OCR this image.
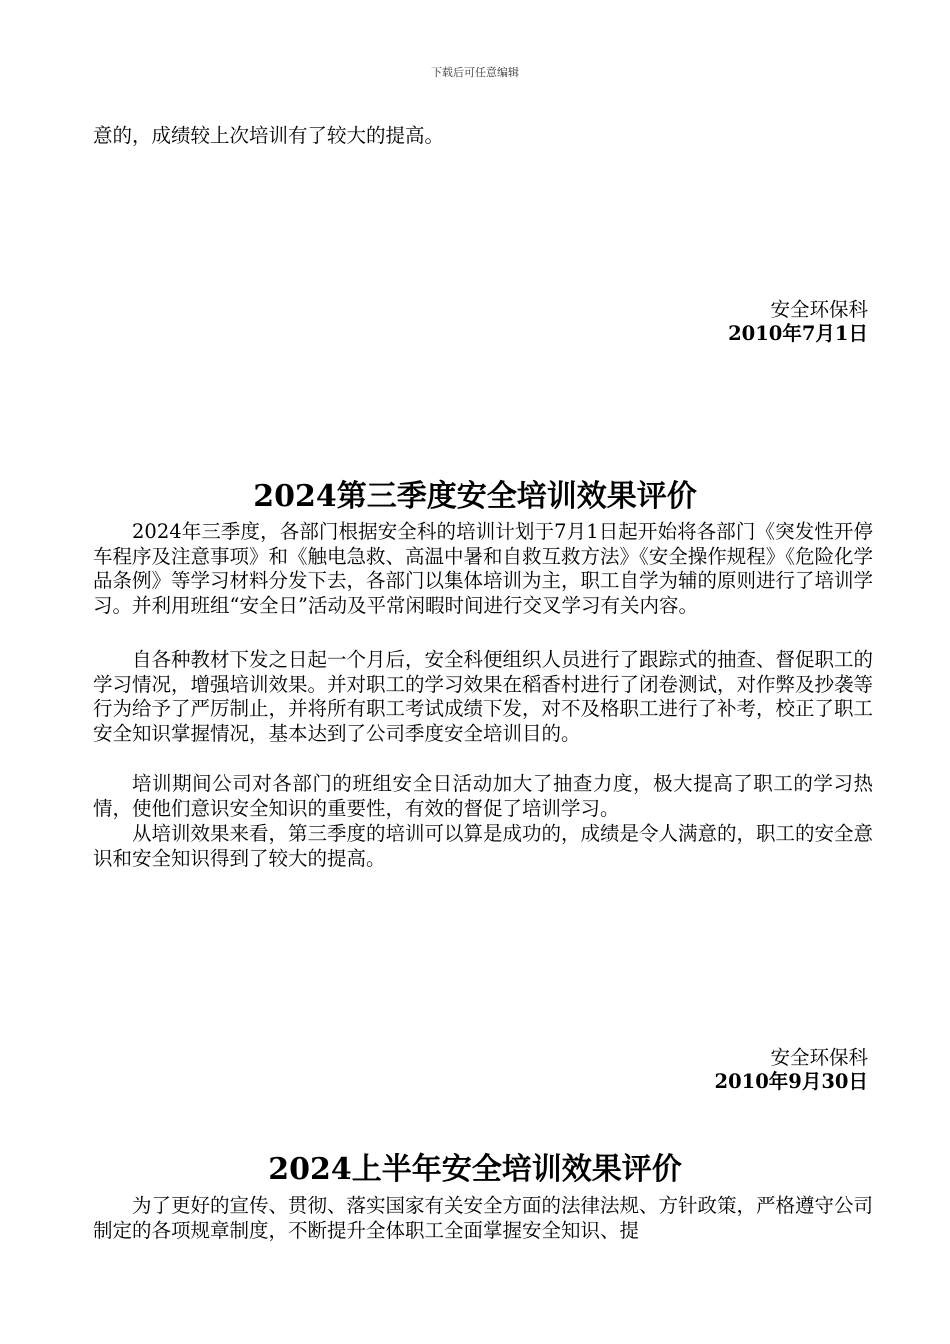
下载后可任意编辑

意的，成绩较上次培训有了较大的提高。

安全环保科
2010年7月1日
2024第三季度安全培训效果评价

2024年三季度，各部门根据安全科的培训计划于7月1日起开始将各部门《突发性开停车程序及注意事项》和《触电急救、高温中暑和自救互救方法》《安全操作规程》《危险化学品条例》等学习材料分发下去，各部门以集体培训为主，职工自学为辅的原则进行了培训学习。并利用班组“安全日”活动及平常闲暇时间进行交叉学习有关内容。

自各种教材下发之日起一个月后，安全科便组织人员进行了跟踪式的抽查、督促职工的学习情况，增强培训效果。并对职工的学习效果在稻香村进行了闭卷测试，对作弊及抄袭等行为给予了严厉制止，并将所有职工考试成绩下发，对不及格职工进行了补考，校正了职工安全知识掌握情况，基本达到了公司季度安全培训目的。

培训期间公司对各部门的班组安全日活动加大了抽查力度，极大提高了职工的学习热情，使他们意识安全知识的重要性，有效的督促了培训学习。

从培训效果来看，第三季度的培训可以算是成功的，成绩是令人满意的，职工的安全意识和安全知识得到了较大的提高。

安全环保科
2010年9月30日
2024上半年安全培训效果评价

为了更好的宣传、贯彻、落实国家有关安全方面的法律法规、方针政策，严格遵守公司制定的各项规章制度，不断提升全体职工全面掌握安全知识、提
